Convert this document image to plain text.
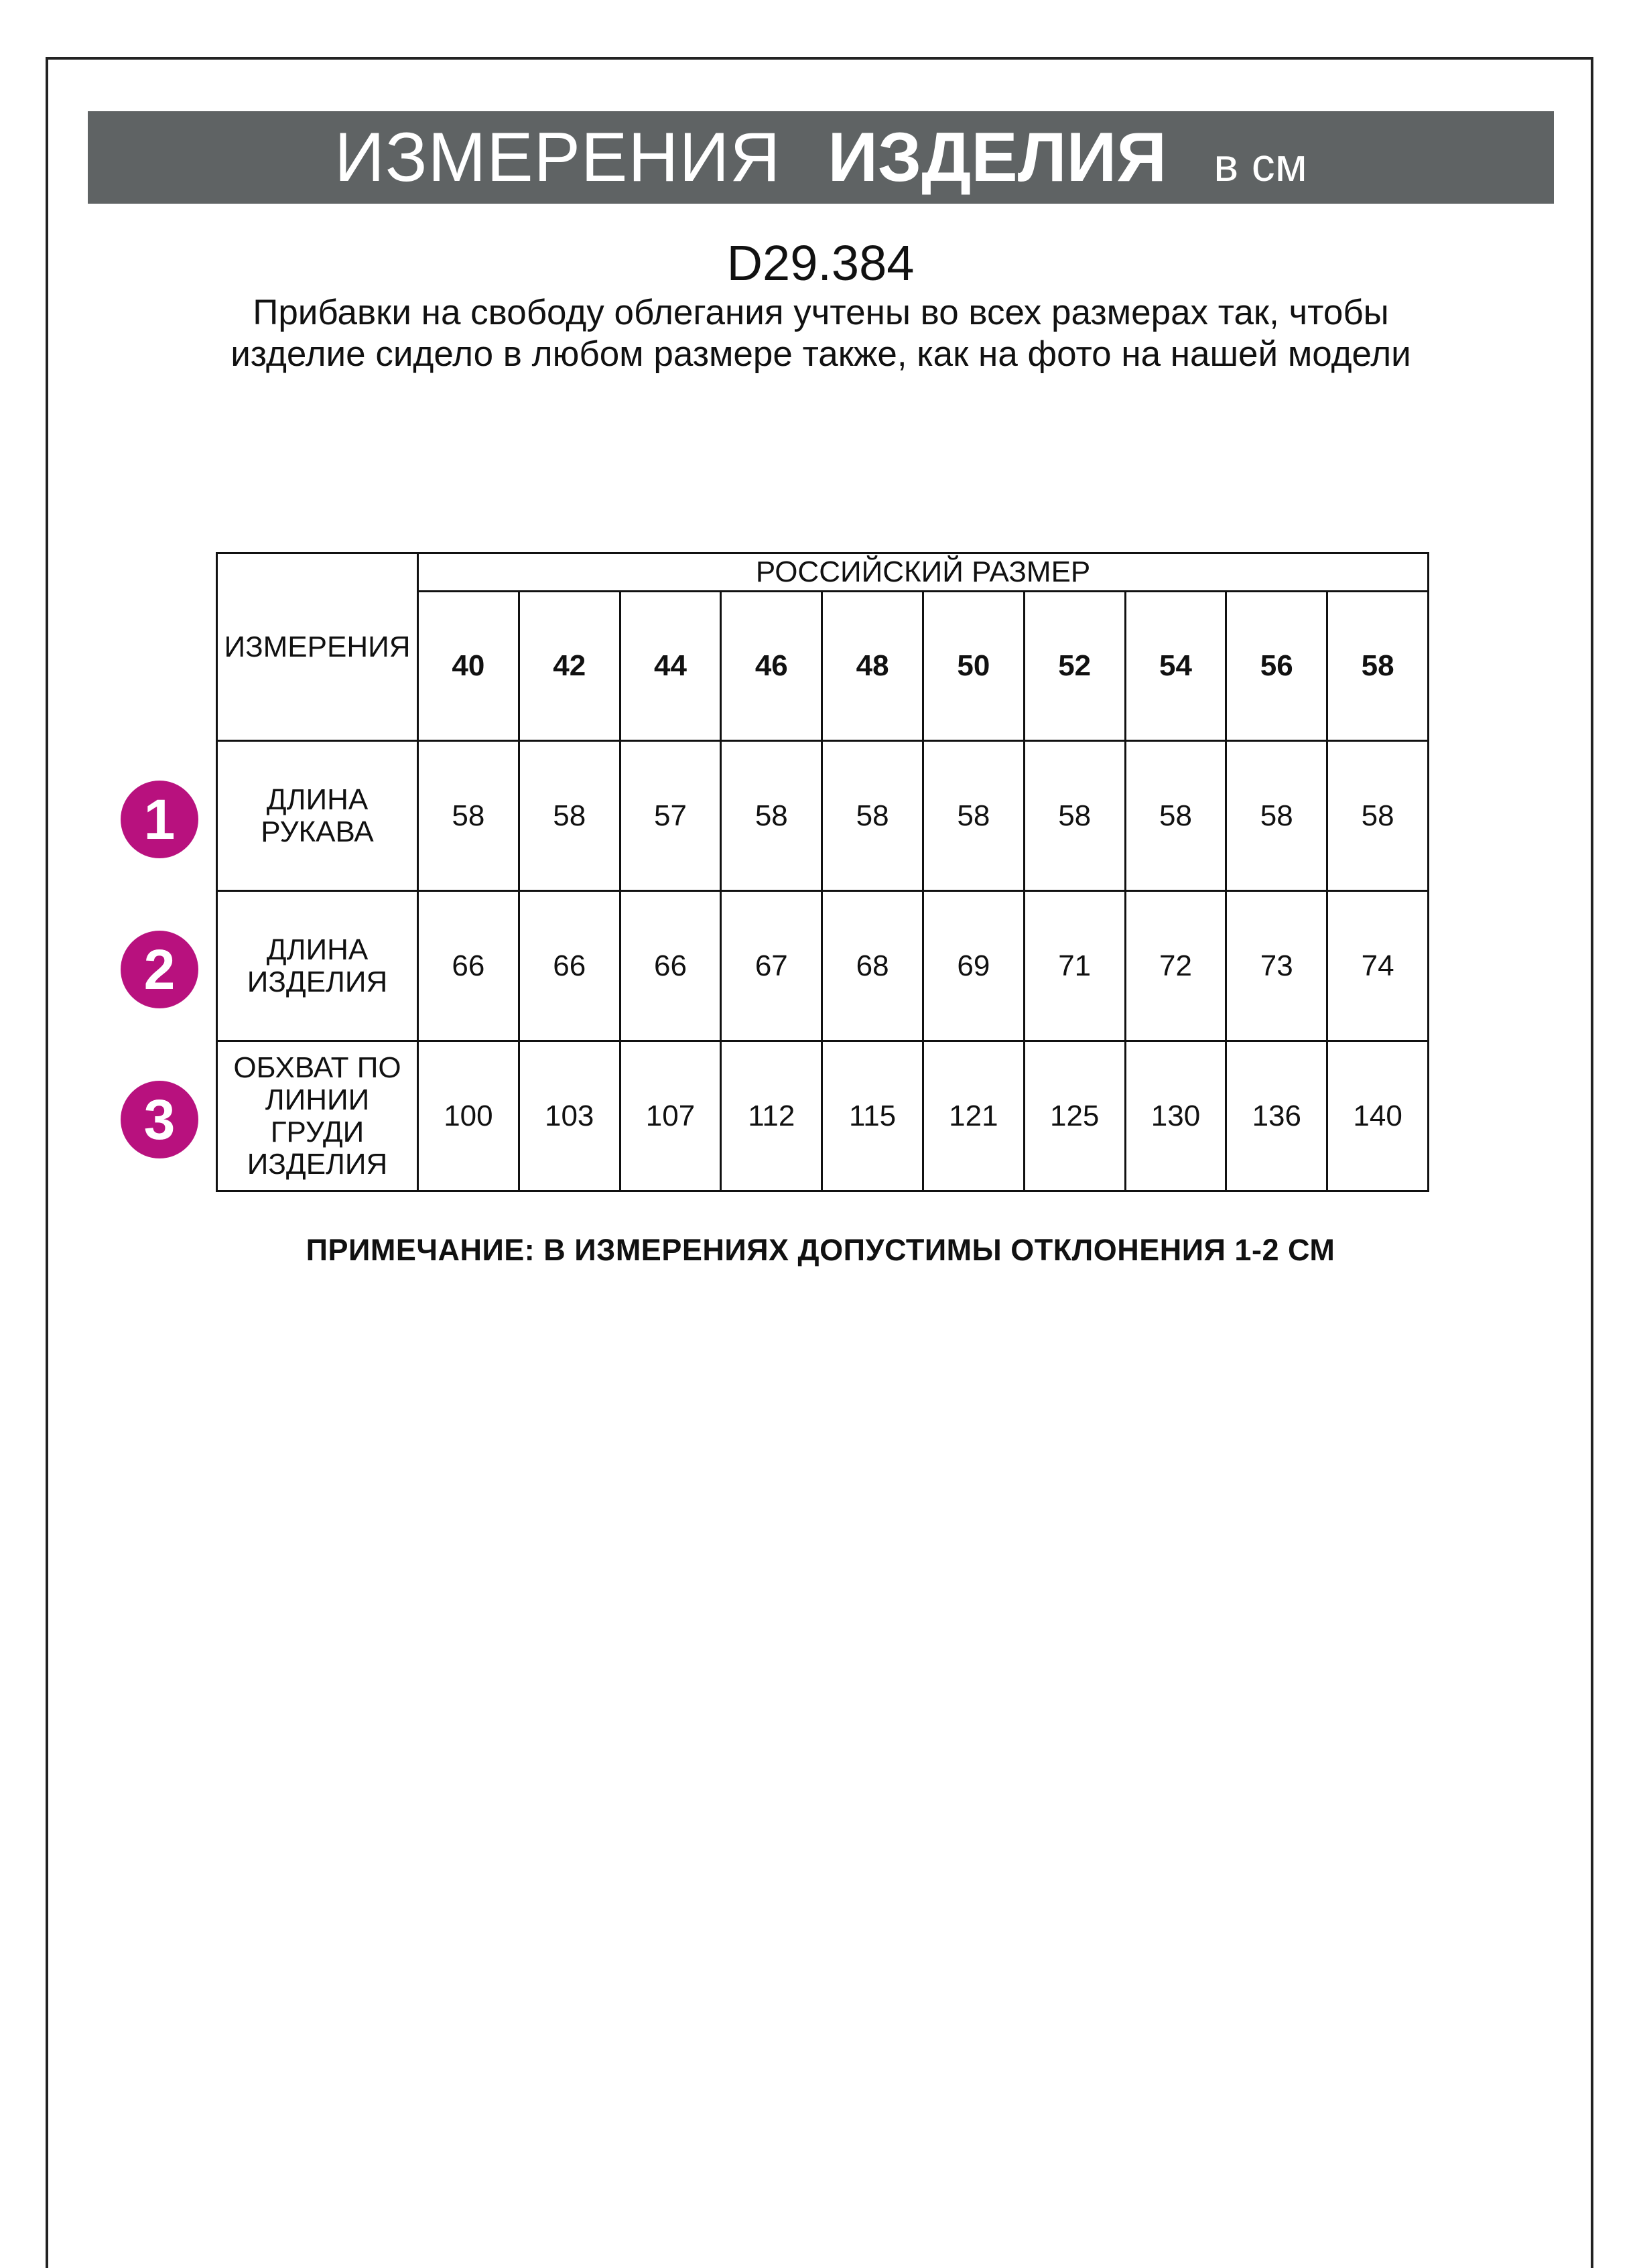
ИЗМЕРЕНИЯ ИЗДЕЛИЯ в см
D29.384
Прибавки на свободу облегания учтены во всех размерах так, чтобы изделие сидело в любом размере также, как на фото на нашей модели
ИЗМЕРЕНИЯ	РОССИЙСКИЙ РАЗМЕР									
	40	42	44	46	48	50	52	54	56	58
ДЛИНА РУКАВА	58	58	57	58	58	58	58	58	58	58
ДЛИНА ИЗДЕЛИЯ	66	66	66	67	68	69	71	72	73	74
ОБХВАТ ПО ЛИНИИ ГРУДИ ИЗДЕЛИЯ	100	103	107	112	115	121	125	130	136	140
1
2
3
ПРИМЕЧАНИЕ: В ИЗМЕРЕНИЯХ ДОПУСТИМЫ ОТКЛОНЕНИЯ 1-2 СМ
